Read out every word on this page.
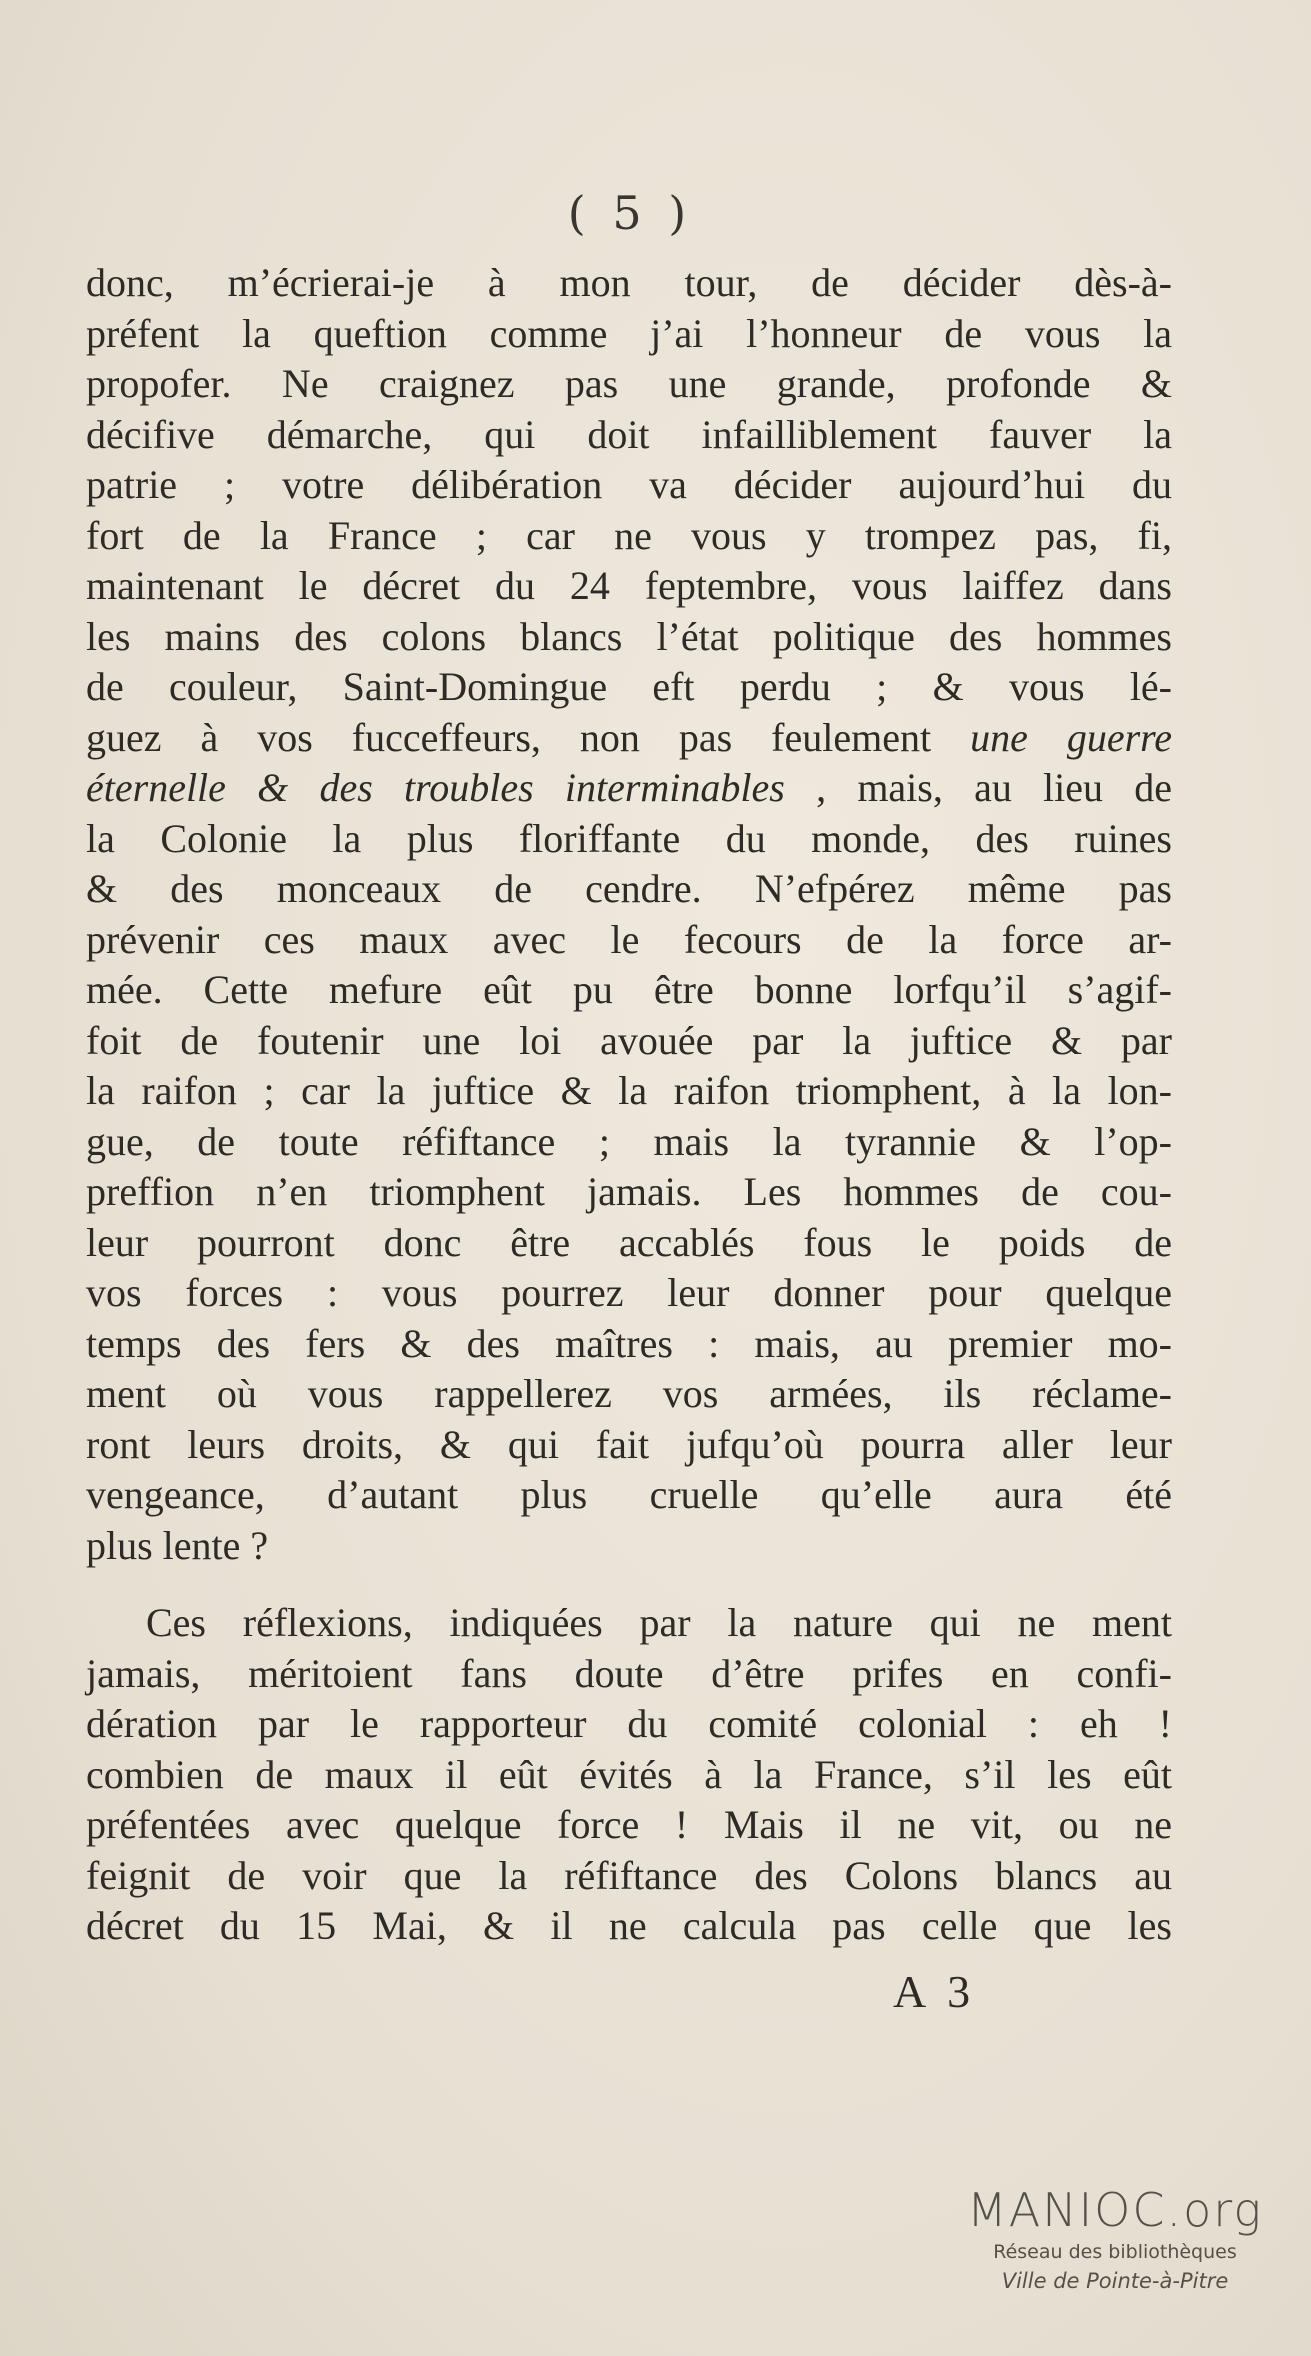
( 5 )
donc, m’écrierai-je à mon tour, de décider dès-à-
préfent la queftion comme j’ai l’honneur de vous la
propofer. Ne craignez pas une grande, profonde &
décifive démarche, qui doit infailliblement fauver la
patrie ; votre délibération va décider aujourd’hui du
fort de la France ; car ne vous y trompez pas, fi,
maintenant le décret du 24 feptembre, vous laiffez dans
les mains des colons blancs l’état politique des hommes
de couleur, Saint-Domingue eft perdu ; & vous lé-
guez à vos fucceffeurs, non pas feulement une guerre
éternelle & des troubles interminables , mais, au lieu de
la Colonie la plus floriffante du monde, des ruines
& des monceaux de cendre. N’efpérez même pas
prévenir ces maux avec le fecours de la force ar-
mée. Cette mefure eût pu être bonne lorfqu’il s’agif-
foit de foutenir une loi avouée par la juftice & par
la raifon ; car la juftice & la raifon triomphent, à la lon-
gue, de toute réfiftance ; mais la tyrannie & l’op-
preffion n’en triomphent jamais. Les hommes de cou-
leur pourront donc être accablés fous le poids de
vos forces : vous pourrez leur donner pour quelque
temps des fers & des maîtres : mais, au premier mo-
ment où vous rappellerez vos armées, ils réclame-
ront leurs droits, & qui fait jufqu’où pourra aller leur
vengeance, d’autant plus cruelle qu’elle aura été
plus lente ?
Ces réflexions, indiquées par la nature qui ne ment
jamais, méritoient fans doute d’être prifes en confi-
dération par le rapporteur du comité colonial : eh !
combien de maux il eût évités à la France, s’il les eût
préfentées avec quelque force ! Mais il ne vit, ou ne
feignit de voir que la réfiftance des Colons blancs au
décret du 15 Mai, & il ne calcula pas celle que les
A 3
MANIOC.org
Réseau des bibliothèques
Ville de Pointe-à-Pitre
